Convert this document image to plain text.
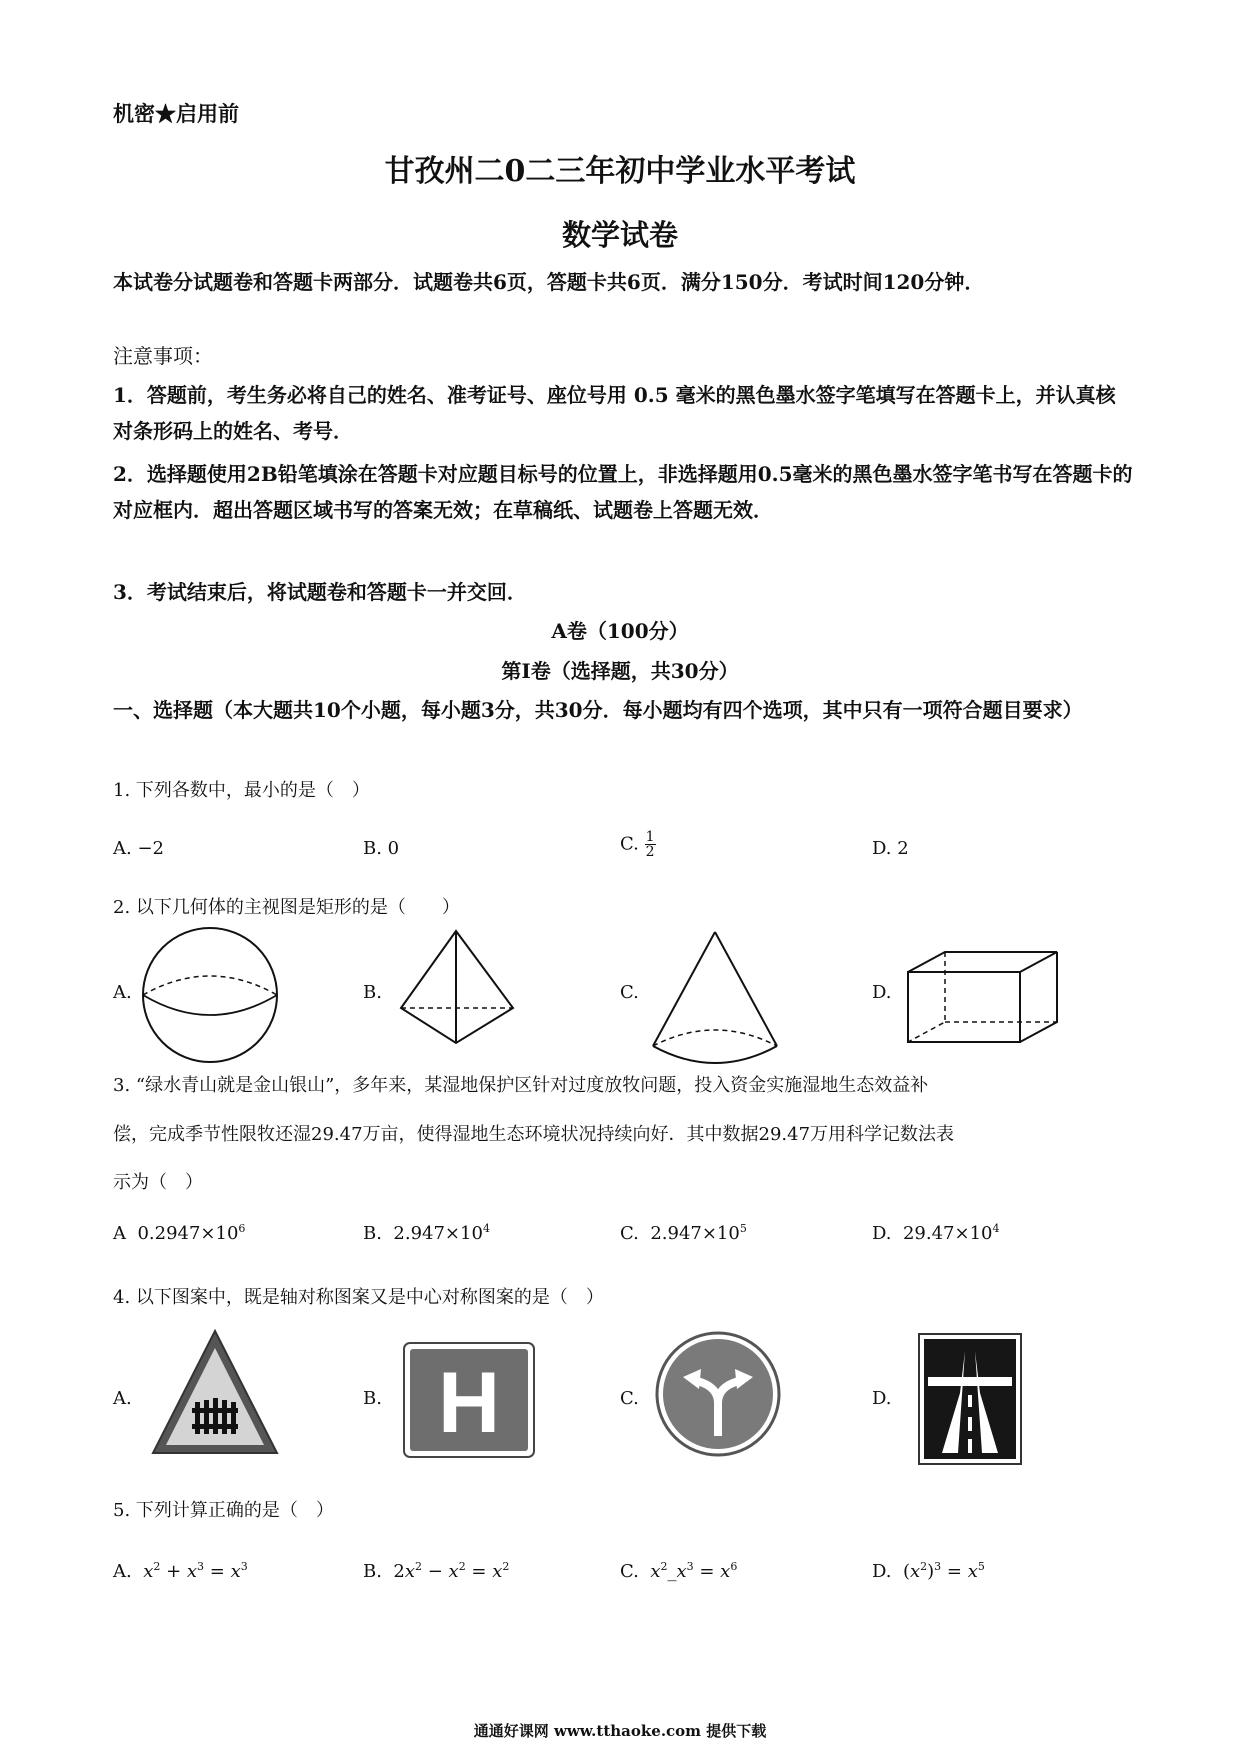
机密★启用前
甘孜州二0二三年初中学业水平考试
数学试卷
本试卷分试题卷和答题卡两部分．试题卷共6页，答题卡共6页．满分150分．考试时间120分钟．
注意事项：
1．答题前，考生务必将自己的姓名、准考证号、座位号用 0.5 毫米的黑色墨水签字笔填写在答题卡上，并认真核对条形码上的姓名、考号．
2．选择题使用2B铅笔填涂在答题卡对应题目标号的位置上，非选择题用0.5毫米的黑色墨水签字笔书写在答题卡的对应框内．超出答题区域书写的答案无效；在草稿纸、试题卷上答题无效．
3．考试结束后，将试题卷和答题卡一并交回．
A卷（100分）
第Ⅰ卷（选择题，共30分）
一、选择题（本大题共10个小题，每小题3分，共30分．每小题均有四个选项，其中只有一项符合题目要求）
1. 下列各数中，最小的是（　）
A. −2	B. 0	C. $\frac{1}{2}$	D. 2
2. 以下几何体的主视图是矩形的是（　　）
A.	B.	C.	D.
3. “绿水青山就是金山银山”，多年来，某湿地保护区针对过度放牧问题，投入资金实施湿地生态效益补
偿，完成季节性限牧还湿29.47万亩，使得湿地生态环境状况持续向好．其中数据29.47万用科学记数法表
示为（　）
A $0.2947\times 10^6$	B. $2.947\times 10^4$	C. $2.947\times 10^5$	D. $29.47\times 10^4$
4. 以下图案中，既是轴对称图案又是中心对称图案的是（　）
A.	B.	C.	D.
H
5. 下列计算正确的是（　）
A. $x^2 + x^3 = x^3$	B.  $2x^2 - x^2 = x^2$	C. $x^2\_x^3 = x^6$	D.  $(x^2)^3 = x^5$
通通好课网 www.tthaoke.com 提供下载
